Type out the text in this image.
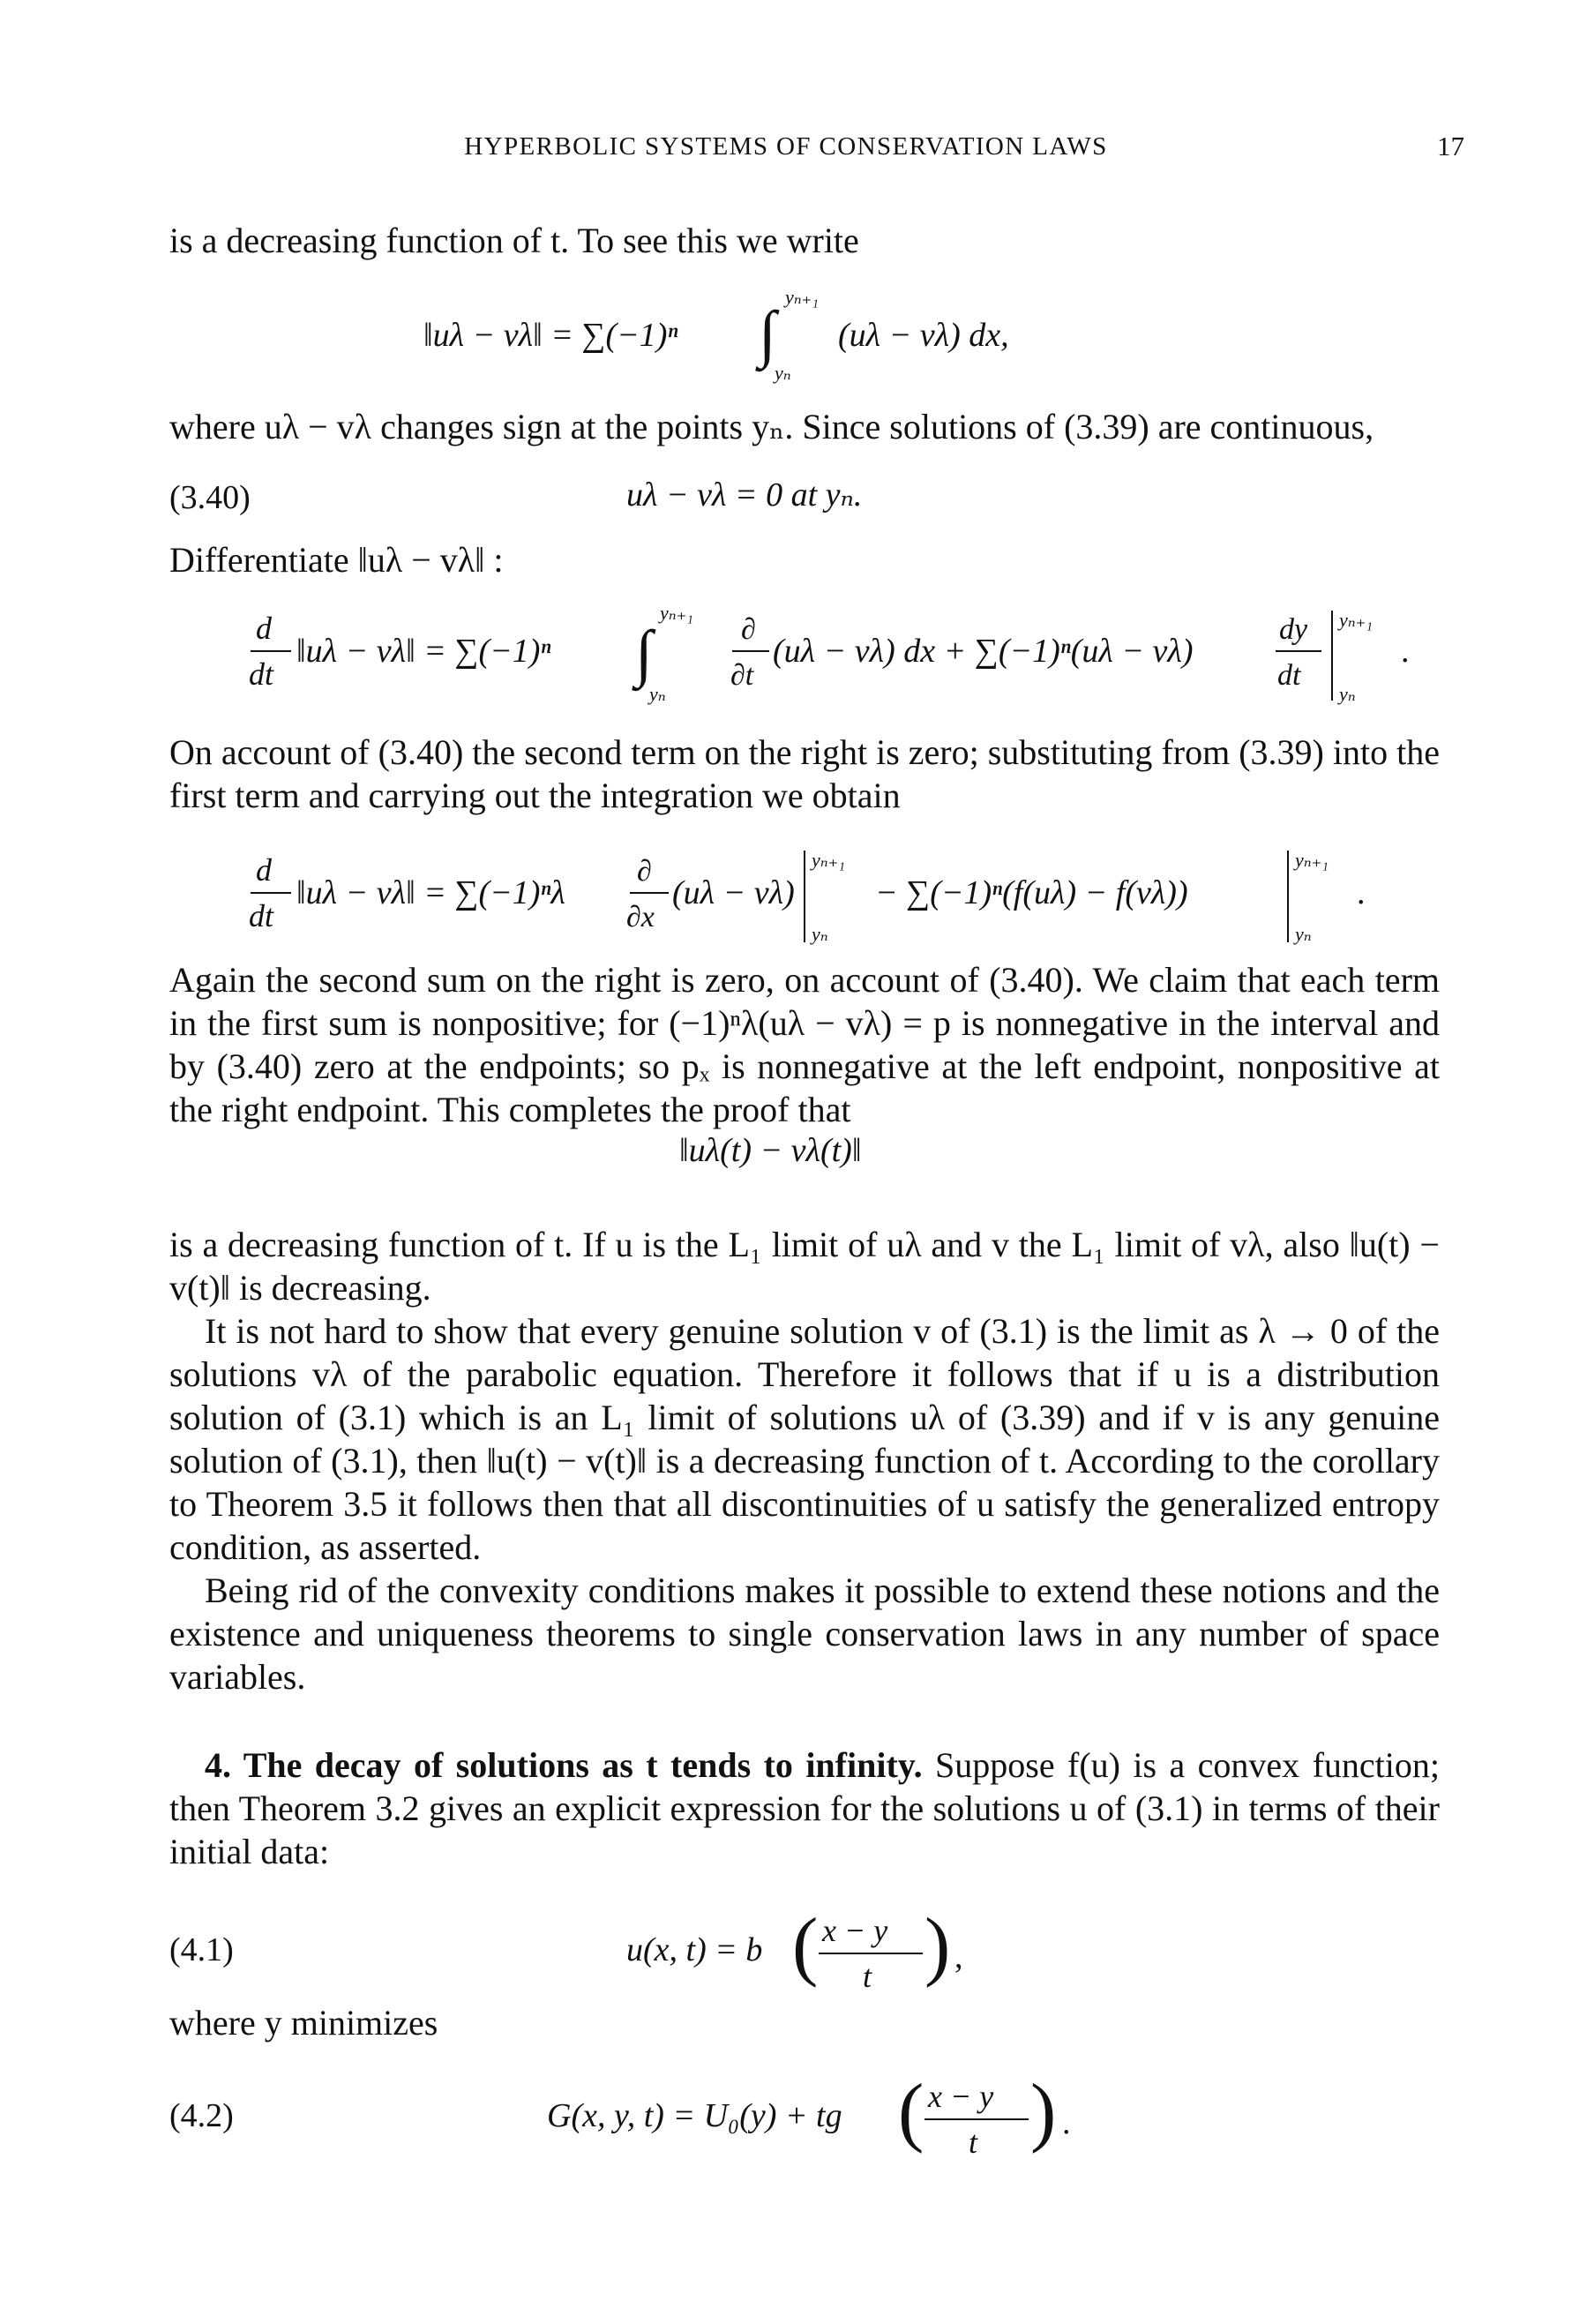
HYPERBOLIC SYSTEMS OF CONSERVATION LAWS	17
is a decreasing function of t. To see this we write
‖uλ − vλ‖ = ∑(−1)ⁿ ∫
yₙ₊₁
yₙ
(uλ − vλ) dx,
where uλ − vλ changes sign at the points yₙ. Since solutions of (3.39) are continuous,
(3.40)	uλ − vλ = 0 at yₙ.
Differentiate ‖uλ − vλ‖ :
d
dt
‖uλ − vλ‖ = ∑(−1)ⁿ ∫
yₙ₊₁
yₙ
∂
∂t
(uλ − vλ) dx + ∑(−1)ⁿ(uλ − vλ)
dy
dt
yₙ₊₁
yₙ
.

On account of (3.40) the second term on the right is zero; substituting from (3.39) into the first term and carrying out the integration we obtain

d
dt
‖uλ − vλ‖ = ∑(−1)ⁿλ
∂
∂x
(uλ − vλ)
yₙ₊₁
yₙ
− ∑(−1)ⁿ(f(uλ) − f(vλ))
yₙ₊₁
yₙ
.

Again the second sum on the right is zero, on account of (3.40). We claim that each term in the first sum is nonpositive; for (−1)ⁿλ(uλ − vλ) = p is nonnegative in the interval and by (3.40) zero at the endpoints; so pₓ is nonnegative at the left endpoint, nonpositive at the right endpoint. This completes the proof that

‖uλ(t) − vλ(t)‖

is a decreasing function of t. If u is the L₁ limit of uλ and v the L₁ limit of vλ, also ‖u(t) − v(t)‖ is decreasing.

It is not hard to show that every genuine solution v of (3.1) is the limit as λ → 0 of the solutions vλ of the parabolic equation. Therefore it follows that if u is a distribution solution of (3.1) which is an L₁ limit of solutions uλ of (3.39) and if v is any genuine solution of (3.1), then ‖u(t) − v(t)‖ is a decreasing function of t. According to the corollary to Theorem 3.5 it follows then that all discontinuities of u satisfy the generalized entropy condition, as asserted.

Being rid of the convexity conditions makes it possible to extend these notions and the existence and uniqueness theorems to single conservation laws in any number of space variables.

4. The decay of solutions as t tends to infinity. Suppose f(u) is a convex function; then Theorem 3.2 gives an explicit expression for the solutions u of (3.1) in terms of their initial data:

(4.1)	u(x, t) = b ( x − y
t ) ,
where y minimizes
(4.2)	G(x, y, t) = U₀(y) + tg ( x − y
t ) .
